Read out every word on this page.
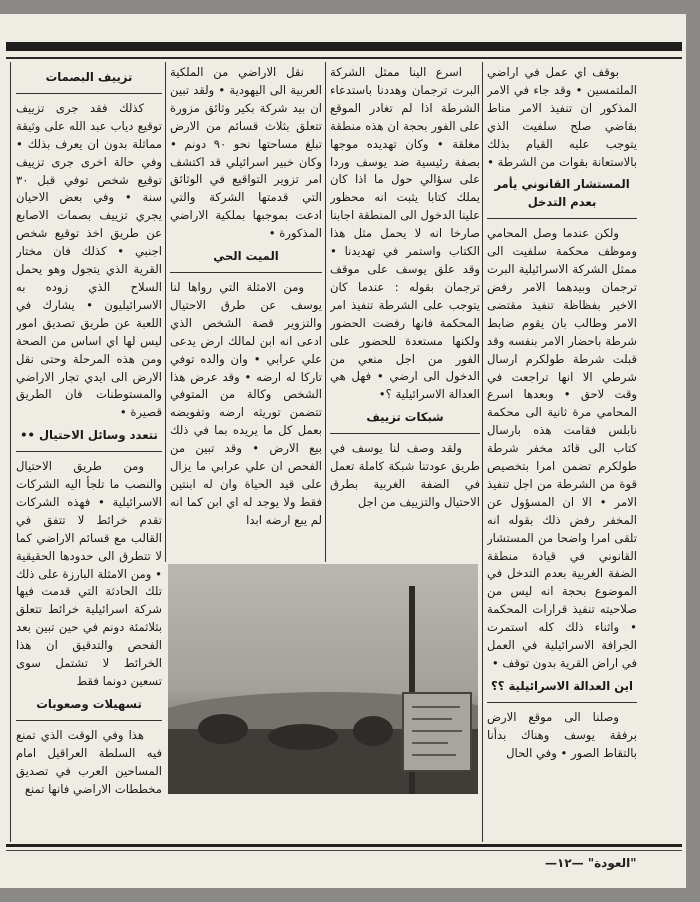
بوقف اي عمل في اراضي الملتمسين • وقد جاء في الامر المذكور ان تنفيذ الامر مناط بقاضي صلح سلفيت الذي يتوجب عليه القيام بذلك بالاستعانة بقوات من الشرطة •

المستشار القانوني يأمر بعدم التدخل

ولكن عندما وصل المحامي وموظف محكمة سلفيت الى ممثل الشركة الاسرائيلية البرت ترجمان وبيدهما الامر رفض الاخير بفظاظة تنفيذ مقتضى الامر وطالب بان يقوم ضابط شرطة باحضار الامر بنفسه وقد قبلت شرطة طولكرم ارسال شرطي الا انها تراجعت في وقت لاحق • وبعدها اسرع المحامي مرة ثانية الى محكمة نابلس فقامت هذه بارسال كتاب الى قائد مخفر شرطة طولكرم تضمن امرا بتخصيص قوة من الشرطة من اجل تنفيذ الامر • الا ان المسؤول عن المخفر رفض ذلك بقوله انه تلقى امرا واضحا من المستشار القانوني في قيادة منطقة الضفة الغربية بعدم التدخل في الموضوع بحجة انه ليس من صلاحيته تنفيذ قرارات المحكمة • واثناء ذلك كله استمرت الجرافة الاسرائيلية في العمل في اراض القرية بدون توقف •

اين العدالة الاسرائيلية ؟؟

وصلنا الى موقع الارض برفقة يوسف وهناك بدأنا بالتقاط الصور • وفي الحال

اسرع الينا ممثل الشركة البرت ترجمان وهددنا باستدعاء الشرطة اذا لم تغادر الموقع على الفور بحجة ان هذه منطقة مغلقة • وكان تهديده موجها بصفة رئيسية ضد يوسف وردا على سؤالي حول ما اذا كان يملك كتابا يثبت انه محظور علينا الدخول الى المنطقة اجابنا صارخا انه لا يحمل مثل هذا الكتاب واستمر في تهديدنا • وقد علق يوسف على موقف ترجمان بقوله : عندما كان يتوجب على الشرطة تنفيذ امر المحكمة فانها رفضت الحضور ولكنها مستعدة للحضور على الفور من اجل منعي من الدخول الى ارضي • فهل هي العدالة الاسرائيلية ؟•

شبكات تزييف

ولقد وصف لنا يوسف في طريق عودتنا شبكة كاملة تعمل في الضفة الغربية بطرق الاحتيال والتزييف من اجل

نقل الاراضي من الملكية العربية الى اليهودية • ولقد تبين ان بيد شركة بكير وثائق مزورة تتعلق بثلاث قسائم من الارض تبلغ مساحتها نحو ٩٠ دونم • وكان خبير اسرائيلي قد اكتشف امر تزوير التواقيع في الوثائق التي قدمتها الشركة والتي ادعت بموجبها بملكية الاراضي المذكورة •

الميت الحي

ومن الامثلة التي رواها لنا يوسف عن طرق الاحتيال والتزوير قصة الشخص الذي ادعى انه ابن لمالك ارض يدعى علي عرابي • وان والده توفي تاركا له ارضه • وقد عرض هذا الشخص وكالة من المتوفي تتضمن توريثه ارضه وتفويضه بعمل كل ما يريده بما في ذلك بيع الارض • وقد تبين من الفحص ان علي عرابي ما يزال على قيد الحياة وان له ابنتين فقط ولا يوجد له اي ابن كما انه لم يبع ارضه ابدا

تزييف البصمات

كذلك فقد جرى تزييف توقيع دياب عبد الله على وثيقة مماثلة بدون ان يعرف بذلك • وفي حالة اخرى جرى تزييف توقيع شخص توفي قبل ٣٠ سنة • وفي بعض الاحيان يجري تزييف بصمات الاصابع عن طريق اخذ توقيع شخص اجنبي • كذلك فان مختار القرية الذي يتجول وهو يحمل السلاح الذي زوده به الاسرائيليون • يشارك في اللعبة عن طريق تصديق امور ليس لها اي اساس من الصحة ومن هذه المرحلة وحتى نقل الارض الى ايدي تجار الاراضي والمستوطنات فان الطريق قصيرة •

تتعدد وسائل الاحتيال ••

ومن طريق الاحتيال والنصب ما تلجأ اليه الشركات الاسرائيلية • فهذه الشركات تقدم خرائط لا تتفق في القالب مع قسائم الاراضي كما لا تتطرق الى حدودها الحقيقية • ومن الامثلة البارزة على ذلك تلك الحادثة التي قدمت فيها شركة اسرائيلية خرائط تتعلق بثلاثمئة دونم في حين تبين بعد الفحص والتدقيق ان هذا الخرائط لا تشتمل سوى تسعين دونما فقط

تسهيلات وصعوبات

هذا وفي الوقت الذي تمنع فيه السلطة العراقيل امام المساحين العرب في تصديق مخططات الاراضي فانها تمنع

"العودة" —١٢—
